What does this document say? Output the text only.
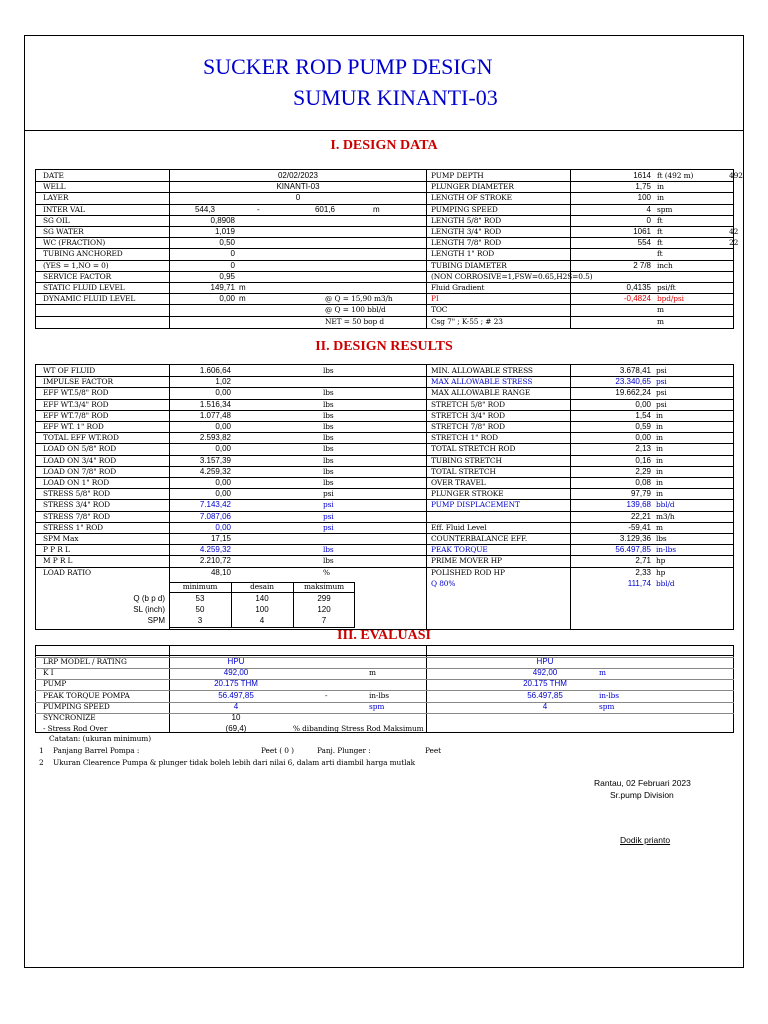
SUCKER ROD PUMP DESIGN
SUMUR KINANTI-03
I. DESIGN DATA
DATE	02/02/2023
WELL	KINANTI-03
LAYER	0
INTER VAL	544,3	-	601,6	m
SG OIL	0,8908
SG WATER	1,019
WC (FRACTION)	0,50
TUBING ANCHORED	0
(YES = 1,NO = 0)	0
SERVICE FACTOR	0,95
STATIC FLUID LEVEL	149,71 m
DYNAMIC FLUID LEVEL	0,00 m	@ Q = 15,90 m3/h
@ Q = 100 bbl/d
NET = 50 bop d
PUMP DEPTH	1614 ft (492 m)	492
PLUNGER DIAMETER	1,75 in
LENGTH OF STROKE	100 in
PUMPING SPEED	4 spm
LENGTH 5/8" ROD	0 ft
LENGTH 3/4" ROD	1061 ft	42
LENGTH 7/8" ROD	554 ft	22
LENGTH 1" ROD	ft
TUBING DIAMETER	2 7/8 inch
(NON CORROSIVE=1,FSW=0.65,H2S=0.5)
Fluid Gradient	0,4135 psi/ft
PI	-0,4824 bpd/psi
TOC	m
Csg 7" ; K-55 ; # 23	m
II. DESIGN RESULTS
WT OF FLUID	1.606,64	lbs
IMPULSE FACTOR	1,02
EFF WT.5/8" ROD	0,00	lbs
EFF WT.3/4" ROD	1.516,34	lbs
EFF WT.7/8" ROD	1.077,48	lbs
EFF WT. 1" ROD	0,00	lbs
TOTAL EFF WT.ROD	2.593,82	lbs
LOAD ON 5/8" ROD	0,00	lbs
LOAD ON 3/4" ROD	3.157,39	lbs
LOAD ON 7/8" ROD	4.259,32	lbs
LOAD ON 1" ROD	0,00	lbs
STRESS 5/8" ROD	0,00	psi
STRESS 3/4" ROD	7.143,42	psi
STRESS 7/8" ROD	7.087,06	psi
STRESS 1" ROD	0,00	psi
SPM Max	17,15
P P R L	4.259,32	lbs
M P R L	2.210,72	lbs
LOAD RATIO	48,10	%
MIN. ALLOWABLE STRESS	3.678,41 psi
MAX ALLOWABLE STRESS	23.340,65 psi
MAX ALLOWABLE RANGE	19.662,24 psi
STRETCH 5/8" ROD	0,00 psi
STRETCH 3/4" ROD	1,54 in
STRETCH 7/8" ROD	0,59 in
STRETCH 1" ROD	0,00 in
TOTAL STRETCH ROD	2,13 in
TUBING STRETCH	0,16 in
TOTAL STRETCH	2,29 in
OVER TRAVEL	0,08 in
PLUNGER STROKE	97,79 in
PUMP DISPLACEMENT	139,68 bbl/d
22,21 m3/h
Eff. Fluid Level	-59,41 m
COUNTERBALANCE EFF.	3.129,36 lbs
PEAK TORQUE	56.497,85 in-lbs
PRIME MOVER HP	2,71 hp
POLISHED ROD HP	2,33 hp
Q 80%	111,74 bbl/d
minimum	desain	maksimum
Q (b p d)	53	140	299
SL (inch)	50	100	120
SPM	3	4	7
III. EVALUASI
LRP MODEL / RATING	HPU	HPU
K I	492,00	m	492,00	m
PUMP	20.175 THM	20.175 THM
PEAK TORQUE POMPA	56.497,85	-	in-lbs	56.497,85	in-lbs
PUMPING SPEED	4	spm	4	spm
SYNCRONIZE	10
- Stress Rod Over	(69,4)	% dibanding Stress Rod Maksimum
Catatan: (ukuran minimum)
1 Panjang Barrel Pompa :	Peet ( 0 )	Panj. Plunger :	Peet
2 Ukuran Clearence Pumpa & plunger tidak boleh lebih dari nilai 6, dalam arti diambil harga mutlak
Rantau, 02 Februari 2023
Sr.pump Division
Dodik prianto
